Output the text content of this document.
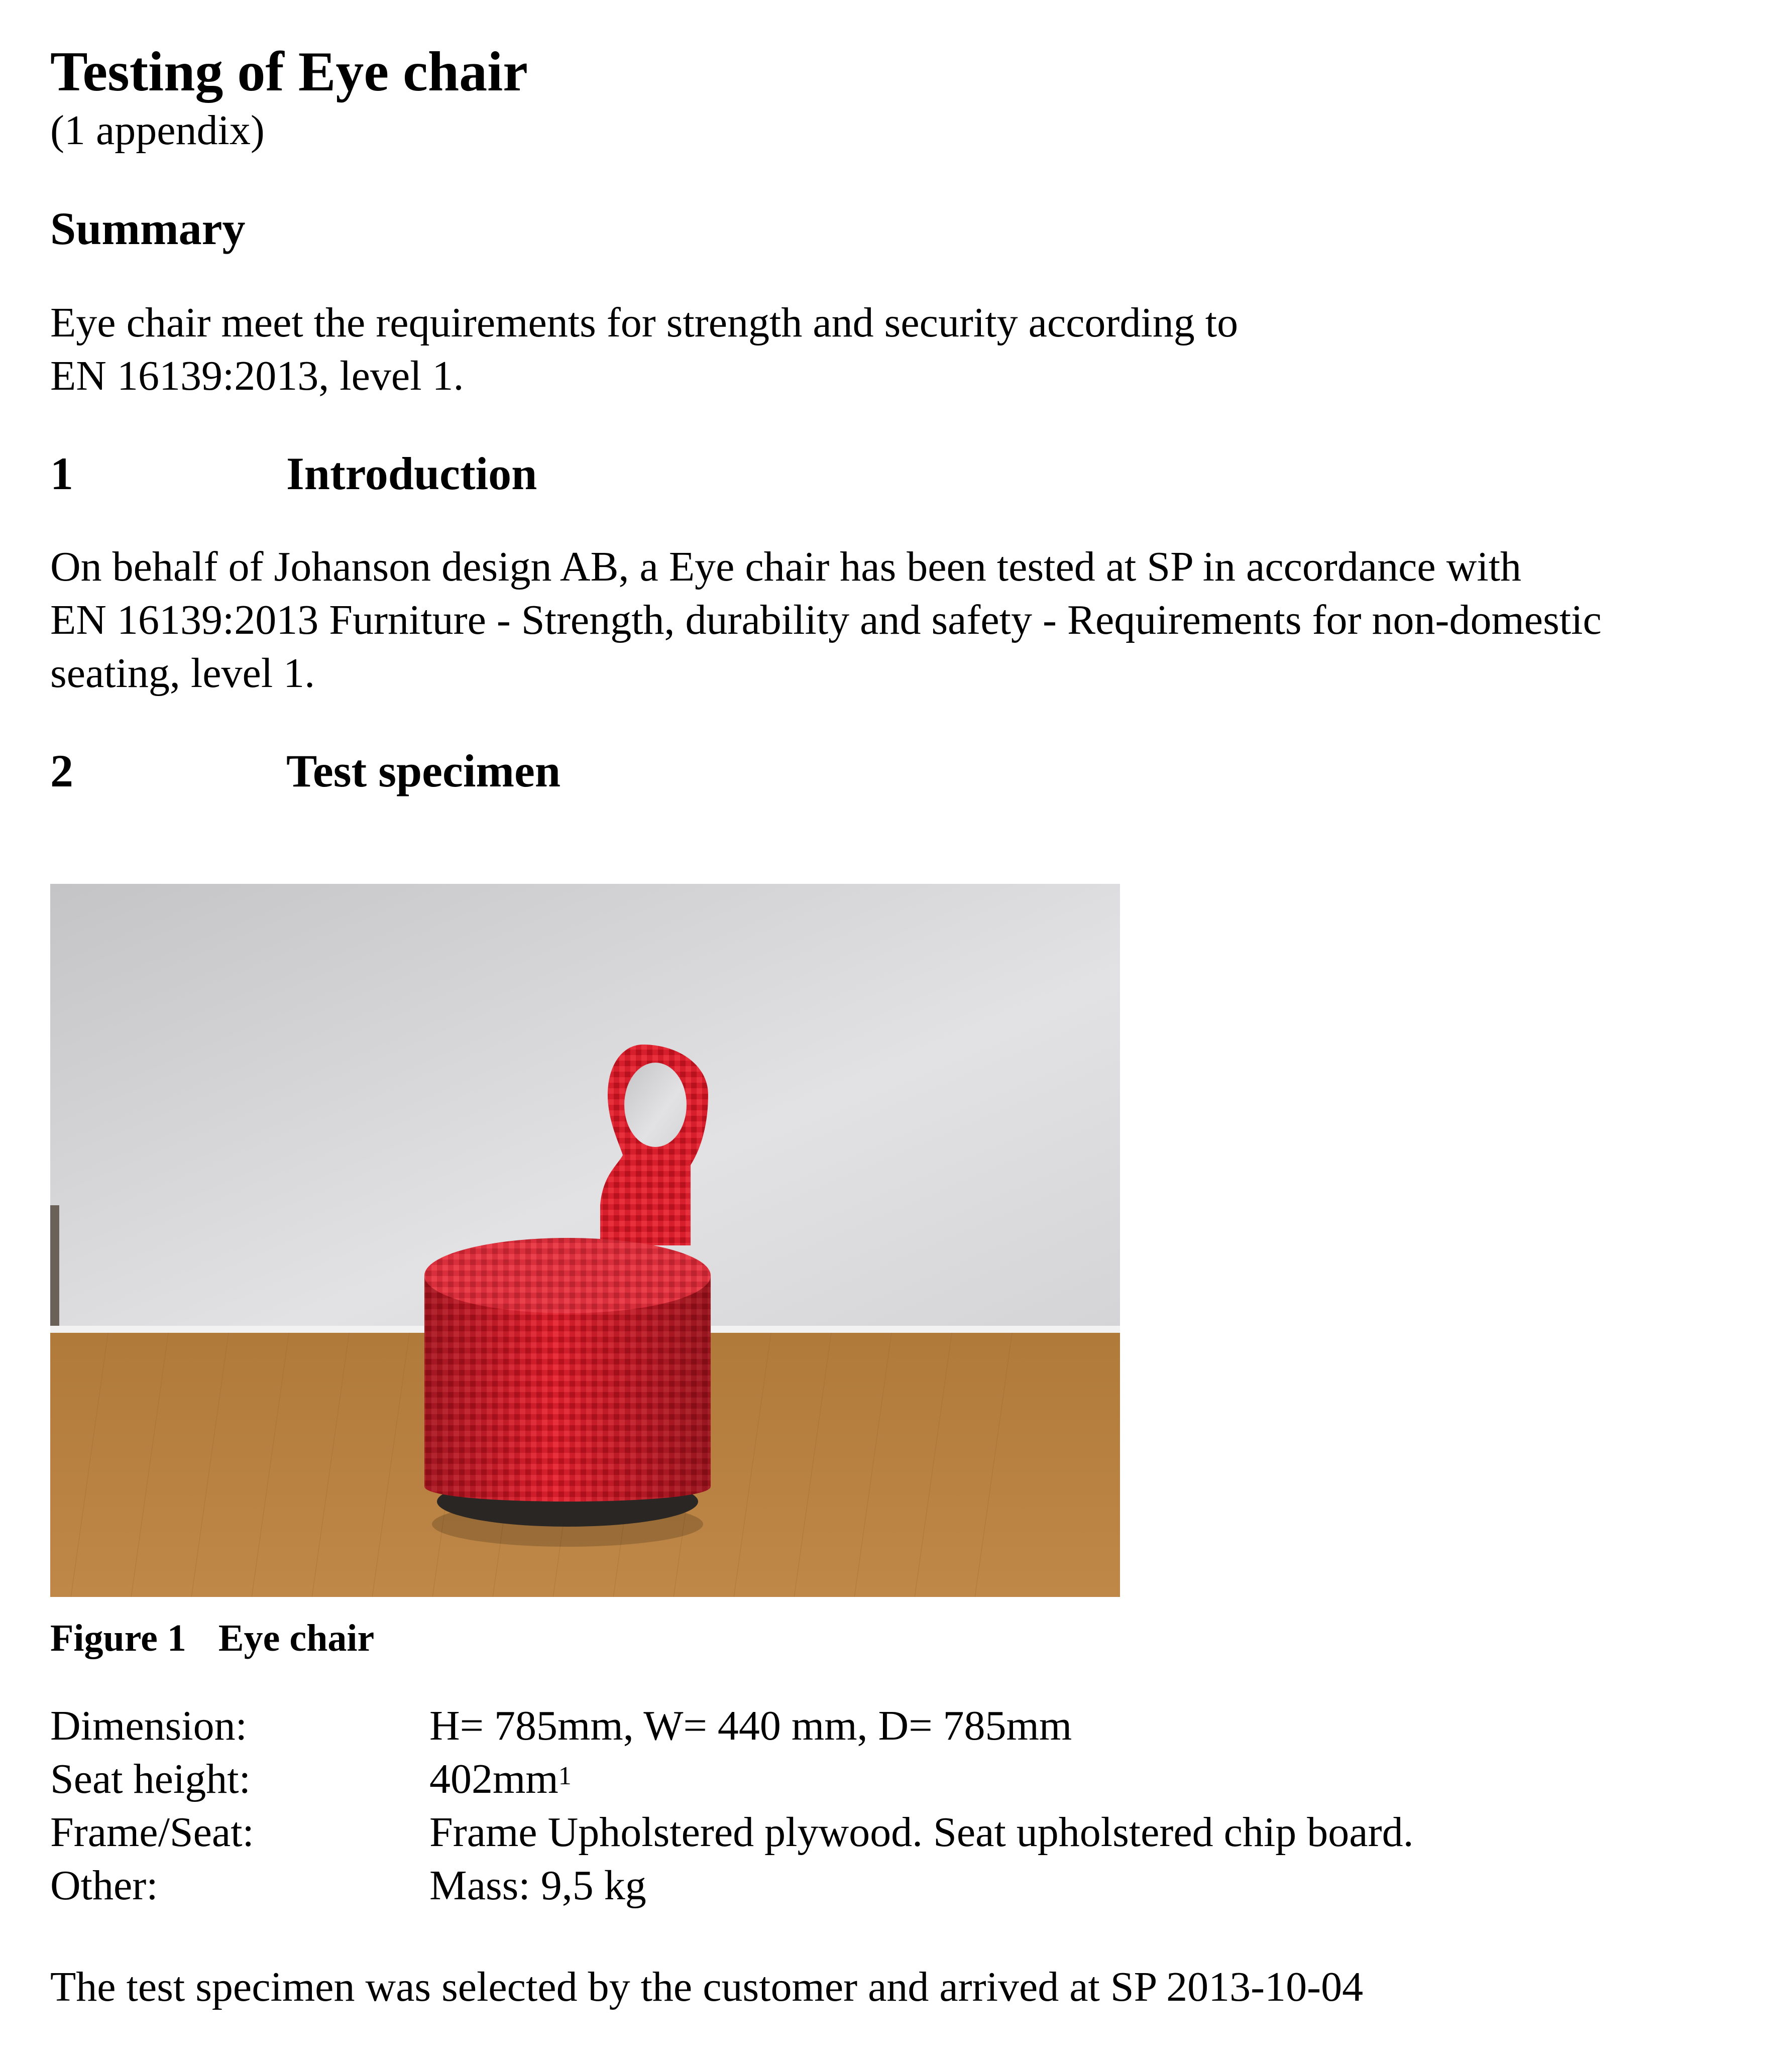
Testing of Eye chair
(1 appendix)
Summary
Eye chair meet the requirements for strength and security according to
EN 16139:2013, level 1.
1	Introduction
On behalf of Johanson design AB, a Eye chair has been tested at SP in accordance with
EN 16139:2013 Furniture - Strength, durability and safety - Requirements for non-domestic
seating, level 1.
2	Test specimen
Figure 1 Eye chair
Dimension:	H= 785mm, W= 440 mm, D= 785mm
Seat height:	$402mm^1$
Frame/Seat:	Frame Upholstered plywood. Seat upholstered chip board.
Other:	Mass: 9,5 kg
The test specimen was selected by the customer and arrived at SP 2013-10-04
